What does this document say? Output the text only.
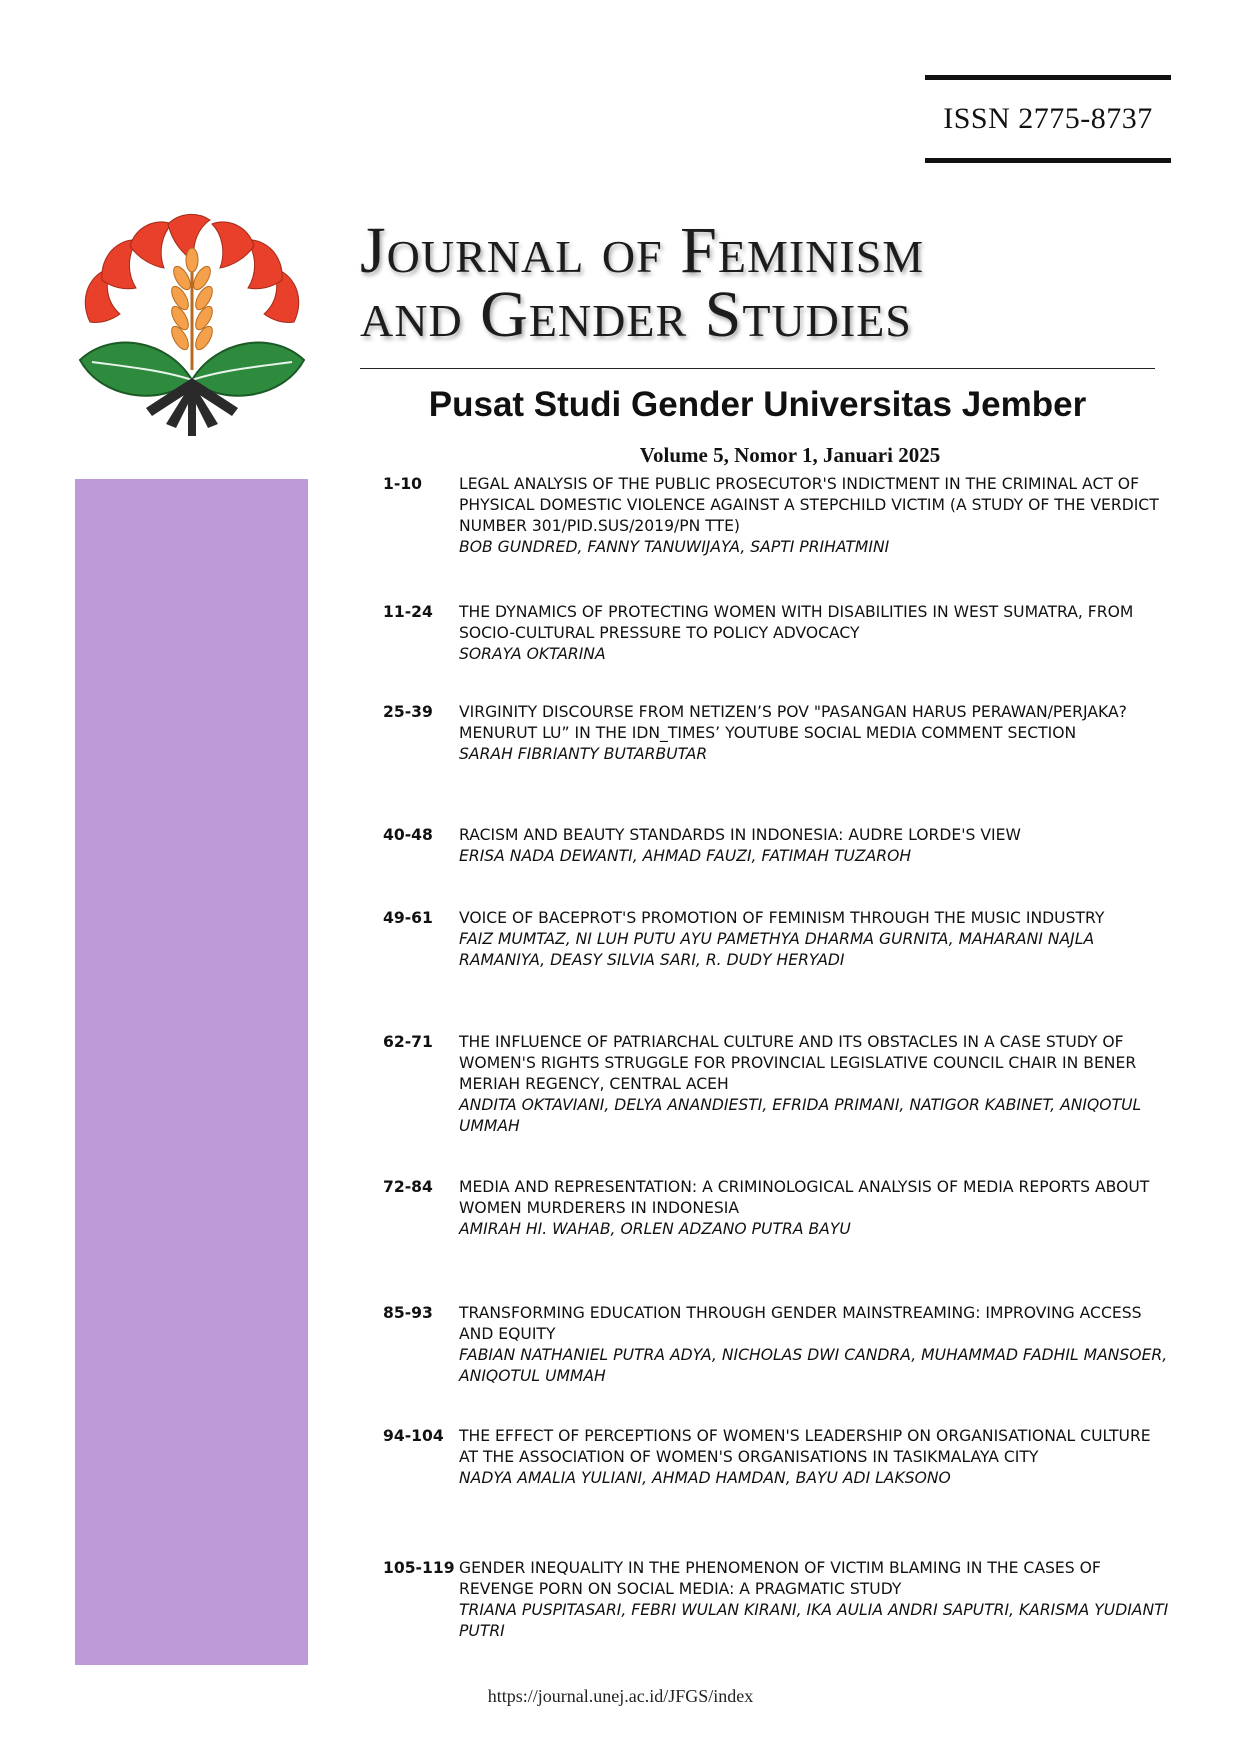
ISSN 2775-8737
Journal of Feminism
and Gender Studies
Pusat Studi Gender Universitas Jember
Volume 5, Nomor 1, Januari 2025
1-10 LEGAL ANALYSIS OF THE PUBLIC PROSECUTOR'S INDICTMENT IN THE CRIMINAL ACT OF PHYSICAL DOMESTIC VIOLENCE AGAINST A STEPCHILD VICTIM (A STUDY OF THE VERDICT NUMBER 301/PID.SUS/2019/PN TTE)
BOB GUNDRED, FANNY TANUWIJAYA, SAPTI PRIHATMINI
11-24 THE DYNAMICS OF PROTECTING WOMEN WITH DISABILITIES IN WEST SUMATRA, FROM SOCIO-CULTURAL PRESSURE TO POLICY ADVOCACY
SORAYA OKTARINA
25-39 VIRGINITY DISCOURSE FROM NETIZEN’S POV "PASANGAN HARUS PERAWAN/PERJAKA? MENURUT LU” IN THE IDN_TIMES’ YOUTUBE SOCIAL MEDIA COMMENT SECTION
SARAH FIBRIANTY BUTARBUTAR
40-48 RACISM AND BEAUTY STANDARDS IN INDONESIA: AUDRE LORDE'S VIEW
ERISA NADA DEWANTI, AHMAD FAUZI, FATIMAH TUZAROH
49-61 VOICE OF BACEPROT'S PROMOTION OF FEMINISM THROUGH THE MUSIC INDUSTRY
FAIZ MUMTAZ, NI LUH PUTU AYU PAMETHYA DHARMA GURNITA, MAHARANI NAJLA RAMANIYA, DEASY SILVIA SARI, R. DUDY HERYADI
62-71 THE INFLUENCE OF PATRIARCHAL CULTURE AND ITS OBSTACLES IN A CASE STUDY OF WOMEN'S RIGHTS STRUGGLE FOR PROVINCIAL LEGISLATIVE COUNCIL CHAIR IN BENER MERIAH REGENCY, CENTRAL ACEH
ANDITA OKTAVIANI, DELYA ANANDIESTI, EFRIDA PRIMANI, NATIGOR KABINET, ANIQOTUL UMMAH
72-84 MEDIA AND REPRESENTATION: A CRIMINOLOGICAL ANALYSIS OF MEDIA REPORTS ABOUT WOMEN MURDERERS IN INDONESIA
AMIRAH HI. WAHAB, ORLEN ADZANO PUTRA BAYU
85-93 TRANSFORMING EDUCATION THROUGH GENDER MAINSTREAMING: IMPROVING ACCESS AND EQUITY
FABIAN NATHANIEL PUTRA ADYA, NICHOLAS DWI CANDRA, MUHAMMAD FADHIL MANSOER, ANIQOTUL UMMAH
94-104 THE EFFECT OF PERCEPTIONS OF WOMEN'S LEADERSHIP ON ORGANISATIONAL CULTURE AT THE ASSOCIATION OF WOMEN'S ORGANISATIONS IN TASIKMALAYA CITY
NADYA AMALIA YULIANI, AHMAD HAMDAN, BAYU ADI LAKSONO
105-119 GENDER INEQUALITY IN THE PHENOMENON OF VICTIM BLAMING IN THE CASES OF REVENGE PORN ON SOCIAL MEDIA: A PRAGMATIC STUDY
TRIANA PUSPITASARI, FEBRI WULAN KIRANI, IKA AULIA ANDRI SAPUTRI, KARISMA YUDIANTI PUTRI
https://journal.unej.ac.id/JFGS/index
